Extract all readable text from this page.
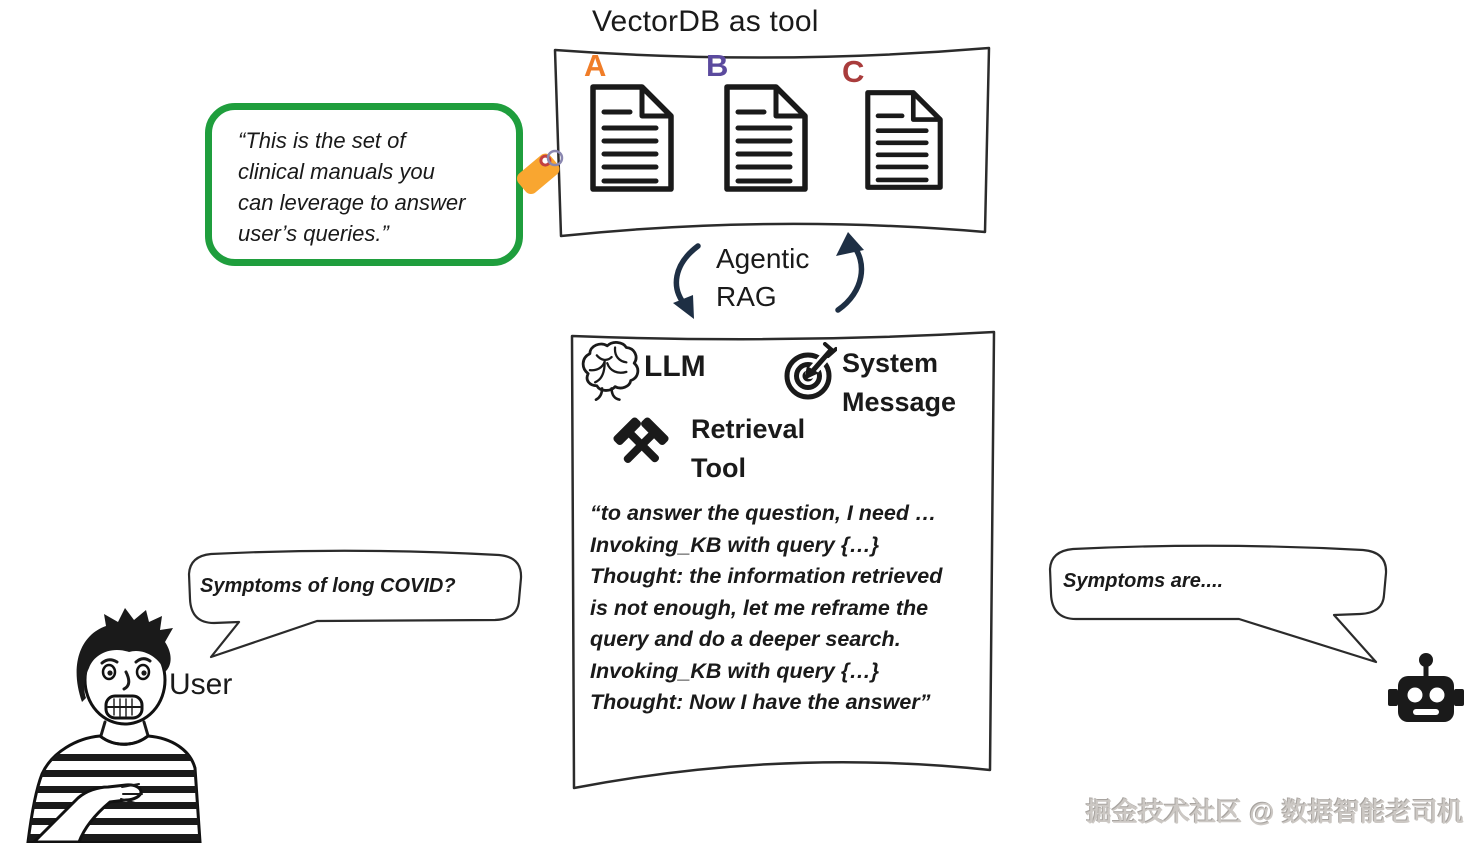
VectorDB as tool
A	B	C
“This is the set of
clinical manuals you
can leverage to answer
user’s queries.”
Agentic
RAG
LLM	System
Message
Retrieval
Tool
“to answer the question, I need …
Invoking_KB with query {…}
Thought: the information retrieved
is not enough, let me reframe the
query and do a deeper search.
Invoking_KB with query {…}
Thought: Now I have the answer”
Symptoms of long COVID?
User
Symptoms are....
掘金技术社区 @ 数据智能老司机
